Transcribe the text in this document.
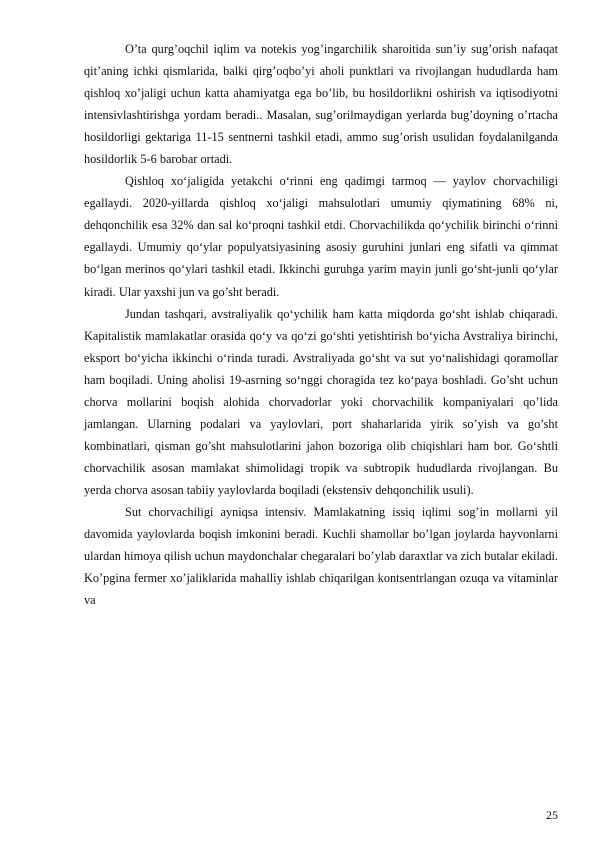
O’ta qurg’oqchil iqlim va notekis yog’ingarchilik sharoitida sun’iy sug’orish nafaqat qit’aning ichki qismlarida, balki qirg’oqbo’yi aholi punktlari va rivojlangan hududlarda ham qishloq xo’jaligi uchun katta ahamiyatga ega bo’lib, bu hosildorlikni oshirish va iqtisodiyotni intensivlashtirishga yordam beradi.. Masalan, sug’orilmaydigan yerlarda bug’doyning o’rtacha hosildorligi gektariga 11-15 sentnerni tashkil etadi, ammo sug’orish usulidan foydalanilganda hosildorlik 5-6 barobar ortadi.

Qishloq xo‘jaligida yetakchi o‘rinni eng qadimgi tarmoq — yaylov chorvachiligi egallaydi. 2020-yillarda qishloq xo‘jaligi mahsulotlari umumiy qiymatining 68% ni, dehqonchilik esa 32% dan sal ko‘proqni tashkil etdi. Chorvachilikda qo‘ychilik birinchi o‘rinni egallaydi. Umumiy qo‘ylar populyatsiyasining asosiy guruhini junlari eng sifatli va qimmat bo‘lgan merinos qo‘ylari tashkil etadi. Ikkinchi guruhga yarim mayin junli go‘sht-junli qo‘ylar kiradi. Ular yaxshi jun va go’sht beradi.

Jundan tashqari, avstraliyalik qo‘ychilik ham katta miqdorda go‘sht ishlab chiqaradi. Kapitalistik mamlakatlar orasida qo‘y va qo‘zi go‘shti yetishtirish bo‘yicha Avstraliya birinchi, eksport bo‘yicha ikkinchi o‘rinda turadi. Avstraliyada go‘sht va sut yo‘nalishidagi qoramollar ham boqiladi. Uning aholisi 19-asrning so‘nggi choragida tez ko‘paya boshladi. Go’sht uchun chorva mollarini boqish alohida chorvadorlar yoki chorvachilik kompaniyalari qo’lida jamlangan. Ularning podalari va yaylovlari, port shaharlarida yirik so’yish va go’sht kombinatlari, qisman go’sht mahsulotlarini jahon bozoriga olib chiqishlari ham bor. Go‘shtli chorvachilik asosan mamlakat shimolidagi tropik va subtropik hududlarda rivojlangan. Bu yerda chorva asosan tabiiy yaylovlarda boqiladi (ekstensiv dehqonchilik usuli).

Sut chorvachiligi ayniqsa intensiv. Mamlakatning issiq iqlimi sog’in mollarni yil davomida yaylovlarda boqish imkonini beradi. Kuchli shamollar bo’lgan joylarda hayvonlarni ulardan himoya qilish uchun maydonchalar chegaralari bo’ylab daraxtlar va zich butalar ekiladi. Ko’pgina fermer xo’jaliklarida mahalliy ishlab chiqarilgan kontsentrlangan ozuqa va vitaminlar va

25
